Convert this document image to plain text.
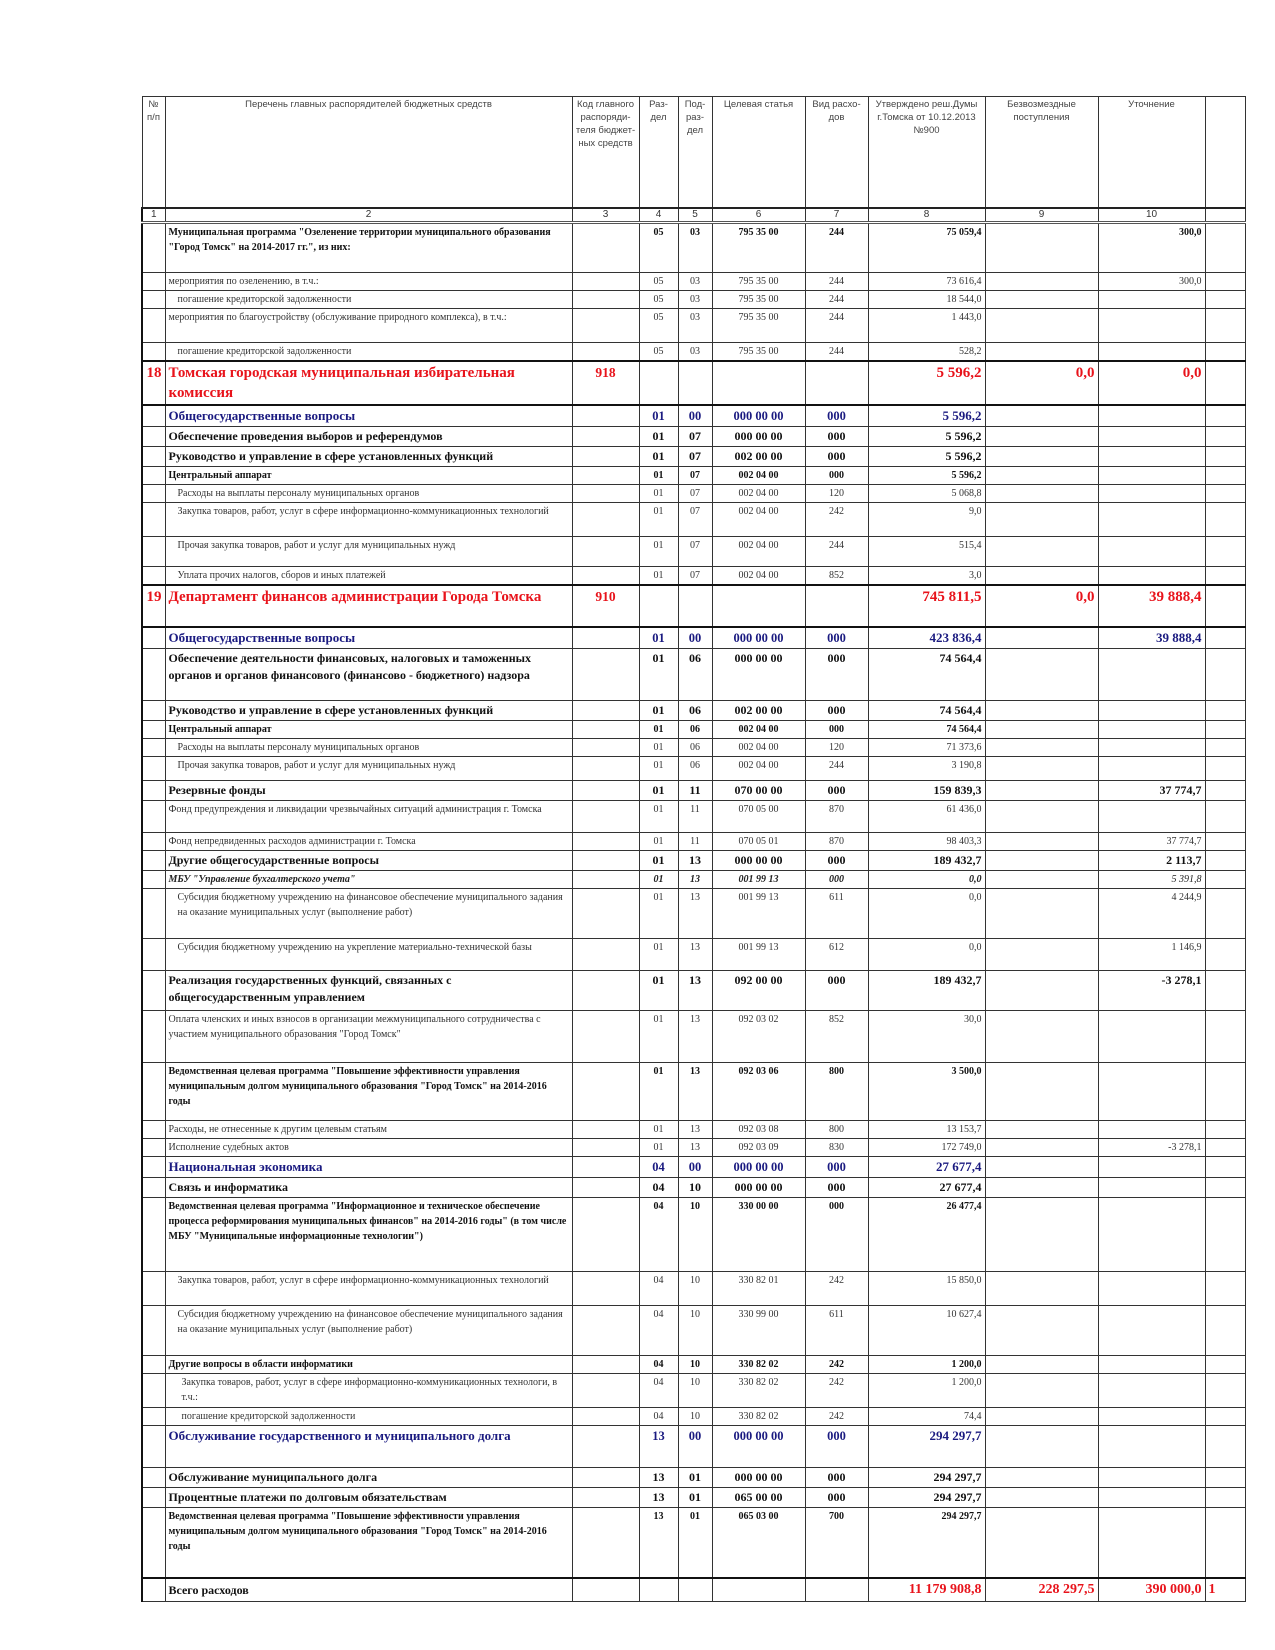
№ п/п	Перечень главных распорядителей бюджетных средств	Код главного распоряди-теля бюджет-ных средств	Раз-дел	Под-раз-дел	Целевая статья	Вид расхо-дов	Утверждено реш.Думы г.Томска от 10.12.2013 №900	Безвозмездные поступления	Уточнение	
1	2	3	4	5	6	7	8	9	10	
	Муниципальная программа "Озеленение территории муниципального образования "Город Томск" на 2014-2017 гг.", из них:		05	03	795 35 00	244	75 059,4		300,0	
	мероприятия по озеленению, в т.ч.:		05	03	795 35 00	244	73 616,4		300,0	
	погашение кредиторской задолженности		05	03	795 35 00	244	18 544,0			
	мероприятия по благоустройству (обслуживание природного комплекса), в т.ч.:		05	03	795 35 00	244	1 443,0			
	погашение кредиторской задолженности		05	03	795 35 00	244	528,2			
18	Томская городская муниципальная избирательная комиссия	918					5 596,2	0,0	0,0	
	Общегосударственные вопросы		01	00	000 00 00	000	5 596,2			
	Обеспечение проведения выборов и референдумов		01	07	000 00 00	000	5 596,2			
	Руководство и управление в сфере установленных функций		01	07	002 00 00	000	5 596,2			
	Центральный аппарат		01	07	002 04 00	000	5 596,2			
	Расходы на выплаты персоналу муниципальных органов		01	07	002 04 00	120	5 068,8			
	Закупка товаров, работ, услуг в сфере информационно-коммуникационных технологий		01	07	002 04 00	242	9,0			
	Прочая закупка товаров, работ и услуг для муниципальных нужд		01	07	002 04 00	244	515,4			
	Уплата прочих налогов, сборов и иных платежей		01	07	002 04 00	852	3,0			
19	Департамент финансов администрации Города Томска	910					745 811,5	0,0	39 888,4	
	Общегосударственные вопросы		01	00	000 00 00	000	423 836,4		39 888,4	
	Обеспечение деятельности финансовых, налоговых и таможенных органов и органов финансового (финансово - бюджетного) надзора		01	06	000 00 00	000	74 564,4			
	Руководство и управление в сфере установленных функций		01	06	002 00 00	000	74 564,4			
	Центральный аппарат		01	06	002 04 00	000	74 564,4			
	Расходы на выплаты персоналу муниципальных органов		01	06	002 04 00	120	71 373,6			
	Прочая закупка товаров, работ и услуг для муниципальных нужд		01	06	002 04 00	244	3 190,8			
	Резервные фонды		01	11	070 00 00	000	159 839,3		37 774,7	
	Фонд предупреждения и ликвидации чрезвычайных ситуаций администрация г. Томска		01	11	070 05 00	870	61 436,0			
	Фонд непредвиденных расходов администрации г. Томска		01	11	070 05 01	870	98 403,3		37 774,7	
	Другие общегосударственные вопросы		01	13	000 00 00	000	189 432,7		2 113,7	
	МБУ "Управление бухгалтерского учета"		01	13	001 99 13	000	0,0		5 391,8	
	Субсидия бюджетному учреждению на финансовое обеспечение муниципального задания на оказание муниципальных услуг (выполнение работ)		01	13	001 99 13	611	0,0		4 244,9	
	Субсидия бюджетному учреждению на укрепление материально-технической базы		01	13	001 99 13	612	0,0		1 146,9	
	Реализация государственных функций, связанных с общегосударственным управлением		01	13	092 00 00	000	189 432,7		-3 278,1	
	Оплата членских и иных взносов в организации межмуниципального сотрудничества с участием муниципального образования "Город Томск"		01	13	092 03 02	852	30,0			
	Ведомственная целевая программа "Повышение эффективности управления муниципальным долгом муниципального образования "Город Томск" на 2014-2016 годы		01	13	092 03 06	800	3 500,0			
	Расходы, не отнесенные к другим целевым статьям		01	13	092 03 08	800	13 153,7			
	Исполнение судебных актов		01	13	092 03 09	830	172 749,0		-3 278,1	
	Национальная экономика		04	00	000 00 00	000	27 677,4			
	Связь и информатика		04	10	000 00 00	000	27 677,4			
	Ведомственная целевая программа "Информационное и техническое обеспечение процесса реформирования муниципальных финансов" на 2014-2016 годы" (в том числе МБУ "Муниципальные информационные технологии")		04	10	330 00 00	000	26 477,4			
	Закупка товаров, работ, услуг в сфере информационно-коммуникационных технологий		04	10	330 82 01	242	15 850,0			
	Субсидия бюджетному учреждению на финансовое обеспечение муниципального задания на оказание муниципальных услуг (выполнение работ)		04	10	330 99 00	611	10 627,4			
	Другие вопросы в области информатики		04	10	330 82 02	242	1 200,0			
	Закупка товаров, работ, услуг в сфере информационно-коммуникационных технологи, в т.ч.:		04	10	330 82 02	242	1 200,0			
	погашение кредиторской задолженности		04	10	330 82 02	242	74,4			
	Обслуживание государственного и муниципального долга		13	00	000 00 00	000	294 297,7			
	Обслуживание муниципального долга		13	01	000 00 00	000	294 297,7			
	Процентные платежи по долговым обязательствам		13	01	065 00 00	000	294 297,7			
	Ведомственная целевая программа "Повышение эффективности управления муниципальным долгом муниципального образования "Город Томск" на 2014-2016 годы		13	01	065 03 00	700	294 297,7			
	Всего расходов						11 179 908,8	228 297,5	390 000,0	1
